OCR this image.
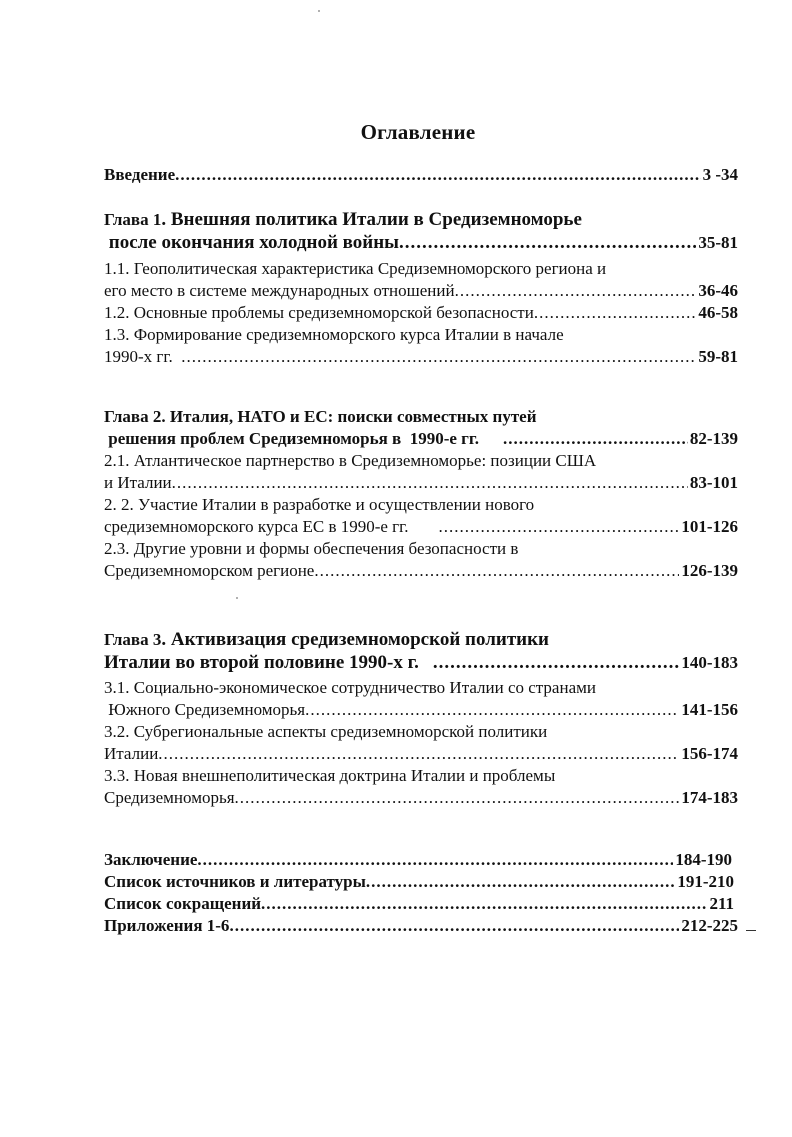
Оглавление
Введение .....	3 -34
Глава 1. Внешняя политика Италии в Средиземноморье
после окончания холодной войны .....	35-81
1.1. Геополитическая характеристика Средиземноморского региона и
его место в системе международных отношений .....	36-46
1.2. Основные проблемы средиземноморской безопасности .....	46-58
1.3. Формирование средиземноморского курса Италии в начале
1990-х гг. .....	59-81
Глава 2. Италия, НАТО и ЕС: поиски совместных путей
решения проблем Средиземноморья в  1990-е гг. .....	82-139
2.1. Атлантическое партнерство в Средиземноморье: позиции США
и Италии .....	83-101
2. 2. Участие Италии в разработке и осуществлении нового
средиземноморского курса ЕС в 1990-е гг. .....	101-126
2.3. Другие уровни и формы обеспечения безопасности в
Средиземноморском регионе .....	126-139
Глава 3. Активизация средиземноморской политики
Италии во второй половине 1990-х г. .....	140-183
3.1. Социально-экономическое сотрудничество Италии со странами
Южного Средиземноморья .....	141-156
3.2. Субрегиональные аспекты средиземноморской политики
Италии .....	156-174
3.3. Новая внешнеполитическая доктрина Италии и проблемы
Средиземноморья .....	174-183
Заключение .....	184-190
Список источников и литературы .....	191-210
Список сокращений .....	211
Приложения 1-6 .....	212-225
